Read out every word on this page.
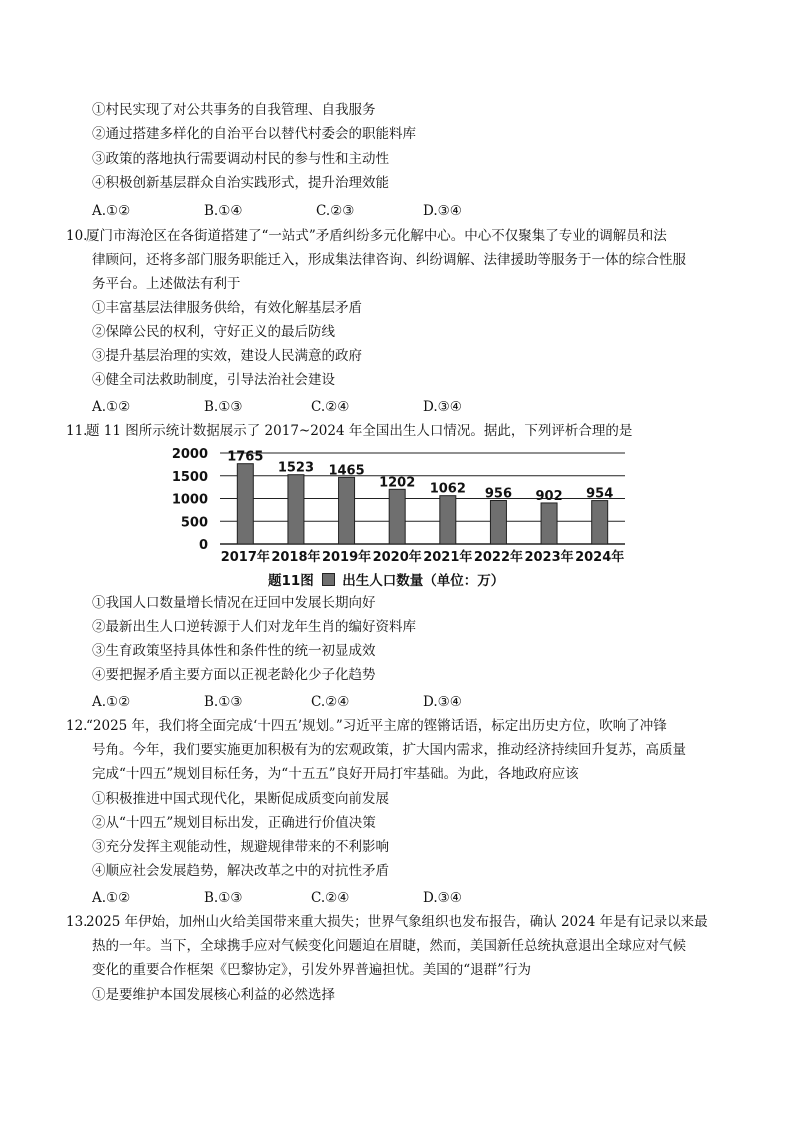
①村民实现了对公共事务的自我管理、自我服务
②通过搭建多样化的自治平台以替代村委会的职能料库
③政策的落地执行需要调动村民的参与性和主动性
④积极创新基层群众自治实践形式，提升治理效能
A.①②	B.①④	C.②③	D.③④
10.
厦门市海沧区在各街道搭建了“一站式”矛盾纠纷多元化解中心。中心不仅聚集了专业的调解员和法
律顾问，还将多部门服务职能迁入，形成集法律咨询、纠纷调解、法律援助等服务于一体的综合性服
务平台。上述做法有利于
①丰富基层法律服务供给，有效化解基层矛盾
②保障公民的权利，守好正义的最后防线
③提升基层治理的实效，建设人民满意的政府
④健全司法救助制度，引导法治社会建设
A.①②	B.①③	C.②④	D.③④
11.
题 11 图所示统计数据展示了 2017~2024 年全国出生人口情况。据此，下列评析合理的是
0
500
1000
1500
2000 1765
1523 1465
1202 1062 956 902 954
2017年 2018年 2019年 2020年 2021年 2022年 2023年 2024年
题11图 出生人口数量（单位：万）
①我国人口数量增长情况在迂回中发展长期向好
②最新出生人口逆转源于人们对龙年生肖的编好资料库
③生育政策坚持具体性和条件性的统一初显成效
④要把握矛盾主要方面以正视老龄化少子化趋势
A.①②	B.①③	C.②④	D.③④
12.
“2025 年，我们将全面完成‘十四五’规划。”习近平主席的铿锵话语，标定出历史方位，吹响了冲锋
号角。今年，我们要实施更加积极有为的宏观政策，扩大国内需求，推动经济持续回升复苏，高质量
完成“十四五”规划目标任务，为“十五五”良好开局打牢基础。为此，各地政府应该
①积极推进中国式现代化，果断促成质变向前发展
②从“十四五”规划目标出发，正确进行价值决策
③充分发挥主观能动性，规避规律带来的不利影响
④顺应社会发展趋势，解决改革之中的对抗性矛盾
A.①②	B.①③	C.②④	D.③④
13.
2025 年伊始，加州山火给美国带来重大损失；世界气象组织也发布报告，确认 2024 年是有记录以来最
热的一年。当下，全球携手应对气候变化问题迫在眉睫，然而，美国新任总统执意退出全球应对气候
变化的重要合作框架《巴黎协定》，引发外界普遍担忧。美国的“退群”行为
①是要维护本国发展核心利益的必然选择
